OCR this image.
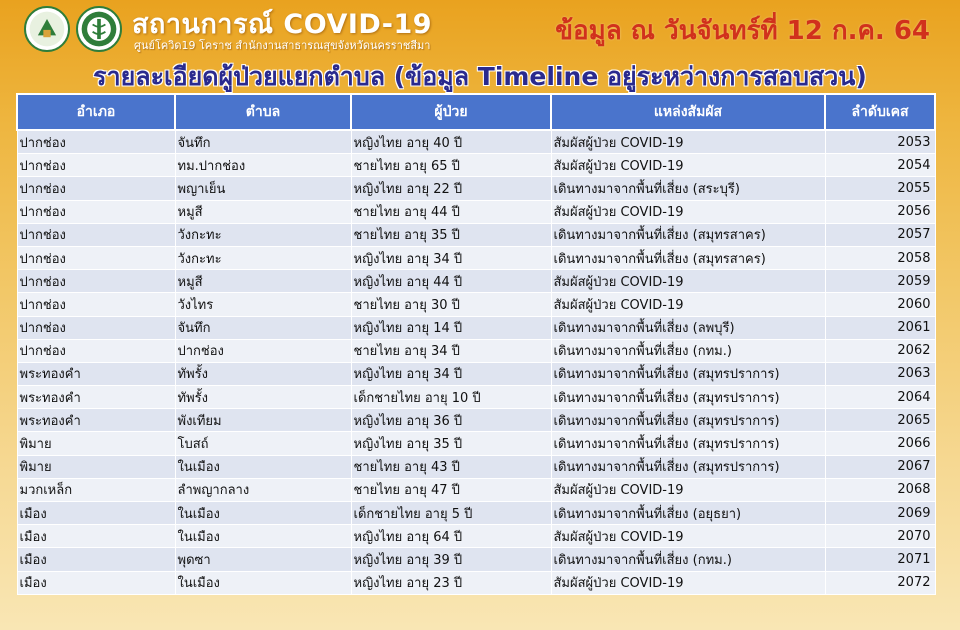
สถานการณ์ COVID-19
ศูนย์โควิด19 โคราช สำนักงานสาธารณสุขจังหวัดนครราชสีมา	ข้อมูล ณ วันจันทร์ที่ 12 ก.ค. 64
รายละเอียดผู้ป่วยแยกตำบล (ข้อมูล Timeline อยู่ระหว่างการสอบสวน)
อำเภอ	ตำบล	ผู้ป่วย	แหล่งสัมผัส	ลำดับเคส
ปากช่อง	จันทึก	หญิงไทย อายุ 40 ปี	สัมผัสผู้ป่วย COVID-19	2053
ปากช่อง	ทม.ปากช่อง	ชายไทย อายุ 65 ปี	สัมผัสผู้ป่วย COVID-19	2054
ปากช่อง	พญาเย็น	หญิงไทย อายุ 22 ปี	เดินทางมาจากพื้นที่เสี่ยง (สระบุรี)	2055
ปากช่อง	หมูสี	ชายไทย อายุ 44 ปี	สัมผัสผู้ป่วย COVID-19	2056
ปากช่อง	วังกะทะ	ชายไทย อายุ 35 ปี	เดินทางมาจากพื้นที่เสี่ยง (สมุทรสาคร)	2057
ปากช่อง	วังกะทะ	หญิงไทย อายุ 34 ปี	เดินทางมาจากพื้นที่เสี่ยง (สมุทรสาคร)	2058
ปากช่อง	หมูสี	หญิงไทย อายุ 44 ปี	สัมผัสผู้ป่วย COVID-19	2059
ปากช่อง	วังไทร	ชายไทย อายุ 30 ปี	สัมผัสผู้ป่วย COVID-19	2060
ปากช่อง	จันทึก	หญิงไทย อายุ 14 ปี	เดินทางมาจากพื้นที่เสี่ยง (ลพบุรี)	2061
ปากช่อง	ปากช่อง	ชายไทย อายุ 34 ปี	เดินทางมาจากพื้นที่เสี่ยง (กทม.)	2062
พระทองคำ	ทัพรั้ง	หญิงไทย อายุ 34 ปี	เดินทางมาจากพื้นที่เสี่ยง (สมุทรปราการ)	2063
พระทองคำ	ทัพรั้ง	เด็กชายไทย อายุ 10 ปี	เดินทางมาจากพื้นที่เสี่ยง (สมุทรปราการ)	2064
พระทองคำ	พังเทียม	หญิงไทย อายุ 36 ปี	เดินทางมาจากพื้นที่เสี่ยง (สมุทรปราการ)	2065
พิมาย	โบสถ์	หญิงไทย อายุ 35 ปี	เดินทางมาจากพื้นที่เสี่ยง (สมุทรปราการ)	2066
พิมาย	ในเมือง	ชายไทย อายุ 43 ปี	เดินทางมาจากพื้นที่เสี่ยง (สมุทรปราการ)	2067
มวกเหล็ก	ลำพญากลาง	ชายไทย อายุ 47 ปี	สัมผัสผู้ป่วย COVID-19	2068
เมือง	ในเมือง	เด็กชายไทย อายุ 5 ปี	เดินทางมาจากพื้นที่เสี่ยง (อยุธยา)	2069
เมือง	ในเมือง	หญิงไทย อายุ 64 ปี	สัมผัสผู้ป่วย COVID-19	2070
เมือง	พุดซา	หญิงไทย อายุ 39 ปี	เดินทางมาจากพื้นที่เสี่ยง (กทม.)	2071
เมือง	ในเมือง	หญิงไทย อายุ 23 ปี	สัมผัสผู้ป่วย COVID-19	2072
